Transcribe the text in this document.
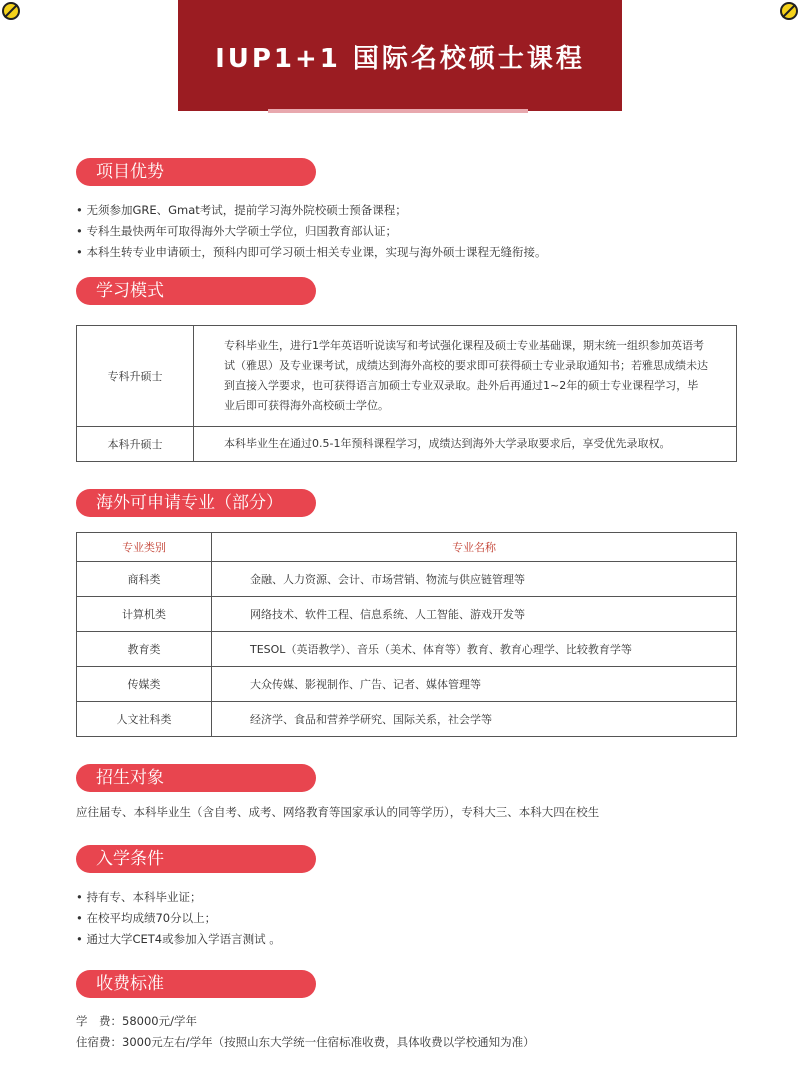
IUP1+1 国际名校硕士课程
项目优势
• 无须参加GRE、Gmat考试，提前学习海外院校硕士预备课程；
• 专科生最快两年可取得海外大学硕士学位，归国教育部认证；
• 本科生转专业申请硕士，预科内即可学习硕士相关专业课，实现与海外硕士课程无缝衔接。
学习模式
专科升硕士	专科毕业生，进行1学年英语听说读写和考试强化课程及硕士专业基础课，期末统一组织参加英语考试（雅思）及专业课考试，成绩达到海外高校的要求即可获得硕士专业录取通知书；若雅思成绩未达到直接入学要求，也可获得语言加硕士专业双录取。赴外后再通过1~2年的硕士专业课程学习，毕业后即可获得海外高校硕士学位。
本科升硕士	本科毕业生在通过0.5-1年预科课程学习，成绩达到海外大学录取要求后，享受优先录取权。
海外可申请专业（部分）
专业类别	专业名称
商科类	金融、人力资源、会计、市场营销、物流与供应链管理等
计算机类	网络技术、软件工程、信息系统、人工智能、游戏开发等
教育类	TESOL（英语教学）、音乐（美术、体育等）教育、教育心理学、比较教育学等
传媒类	大众传媒、影视制作、广告、记者、媒体管理等
人文社科类	经济学、食品和营养学研究、国际关系，社会学等
招生对象
应往届专、本科毕业生（含自考、成考、网络教育等国家承认的同等学历），专科大三、本科大四在校生
入学条件
• 持有专、本科毕业证；
• 在校平均成绩70分以上；
• 通过大学CET4或参加入学语言测试 。
收费标准
学　费：58000元/学年
住宿费：3000元左右/学年（按照山东大学统一住宿标准收费，具体收费以学校通知为准）
